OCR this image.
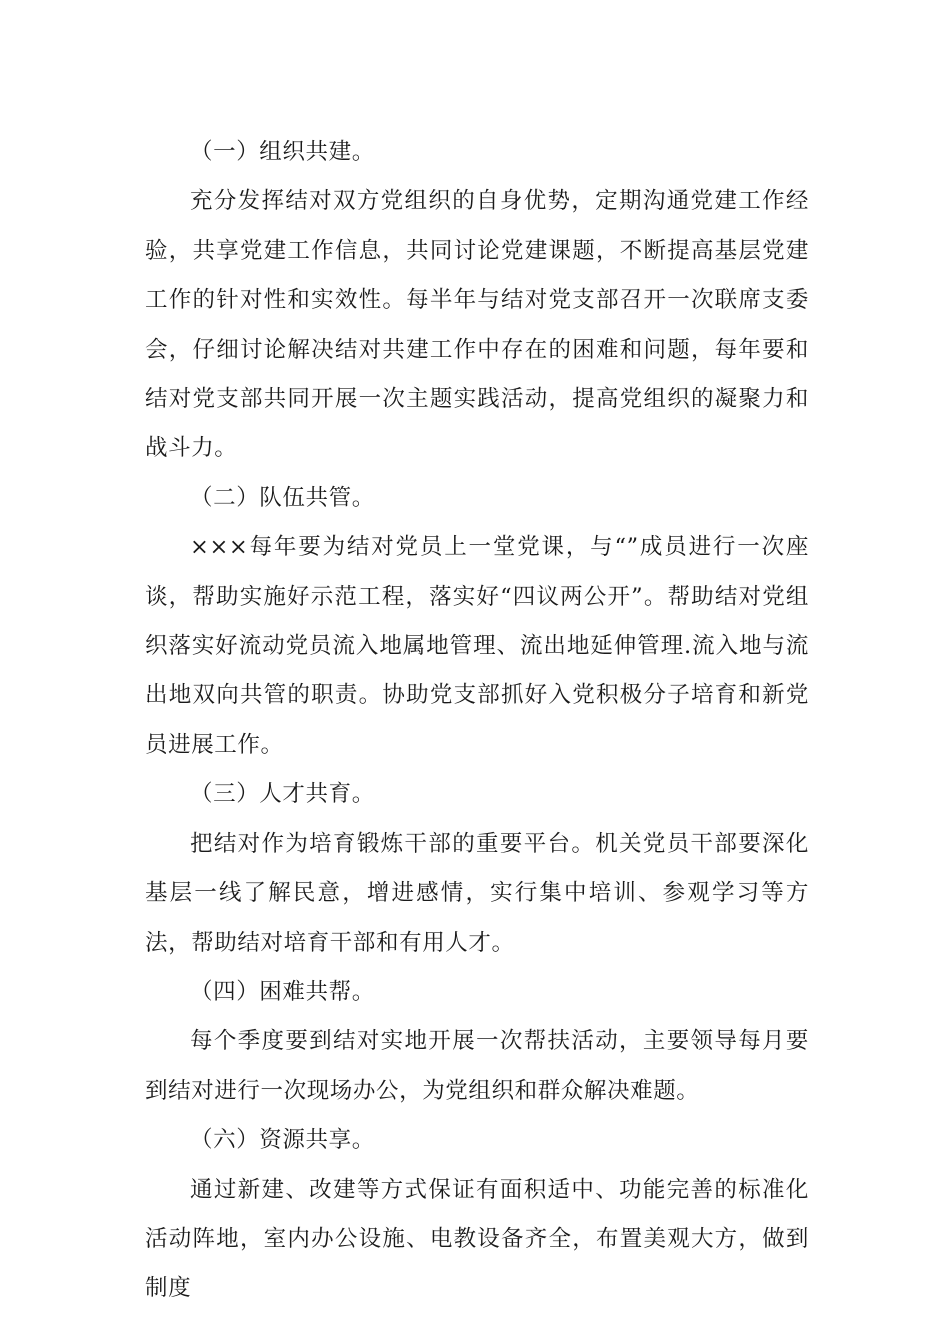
（一）组织共建。

充分发挥结对双方党组织的自身优势，定期沟通党建工作经验，共享党建工作信息，共同讨论党建课题，不断提高基层党建工作的针对性和实效性。每半年与结对党支部召开一次联席支委会，仔细讨论解决结对共建工作中存在的困难和问题，每年要和结对党支部共同开展一次主题实践活动，提高党组织的凝聚力和战斗力。

（二）队伍共管。

×××每年要为结对党员上一堂党课，与“”成员进行一次座谈，帮助实施好示范工程，落实好“四议两公开”。帮助结对党组织落实好流动党员流入地属地管理、流出地延伸管理.流入地与流出地双向共管的职责。协助党支部抓好入党积极分子培育和新党员进展工作。

（三）人才共育。

把结对作为培育锻炼干部的重要平台。机关党员干部要深化基层一线了解民意，增进感情，实行集中培训、参观学习等方法，帮助结对培育干部和有用人才。

（四）困难共帮。

每个季度要到结对实地开展一次帮扶活动，主要领导每月要到结对进行一次现场办公，为党组织和群众解决难题。

（六）资源共享。

通过新建、改建等方式保证有面积适中、功能完善的标准化活动阵地，室内办公设施、电教设备齐全，布置美观大方，做到制度
